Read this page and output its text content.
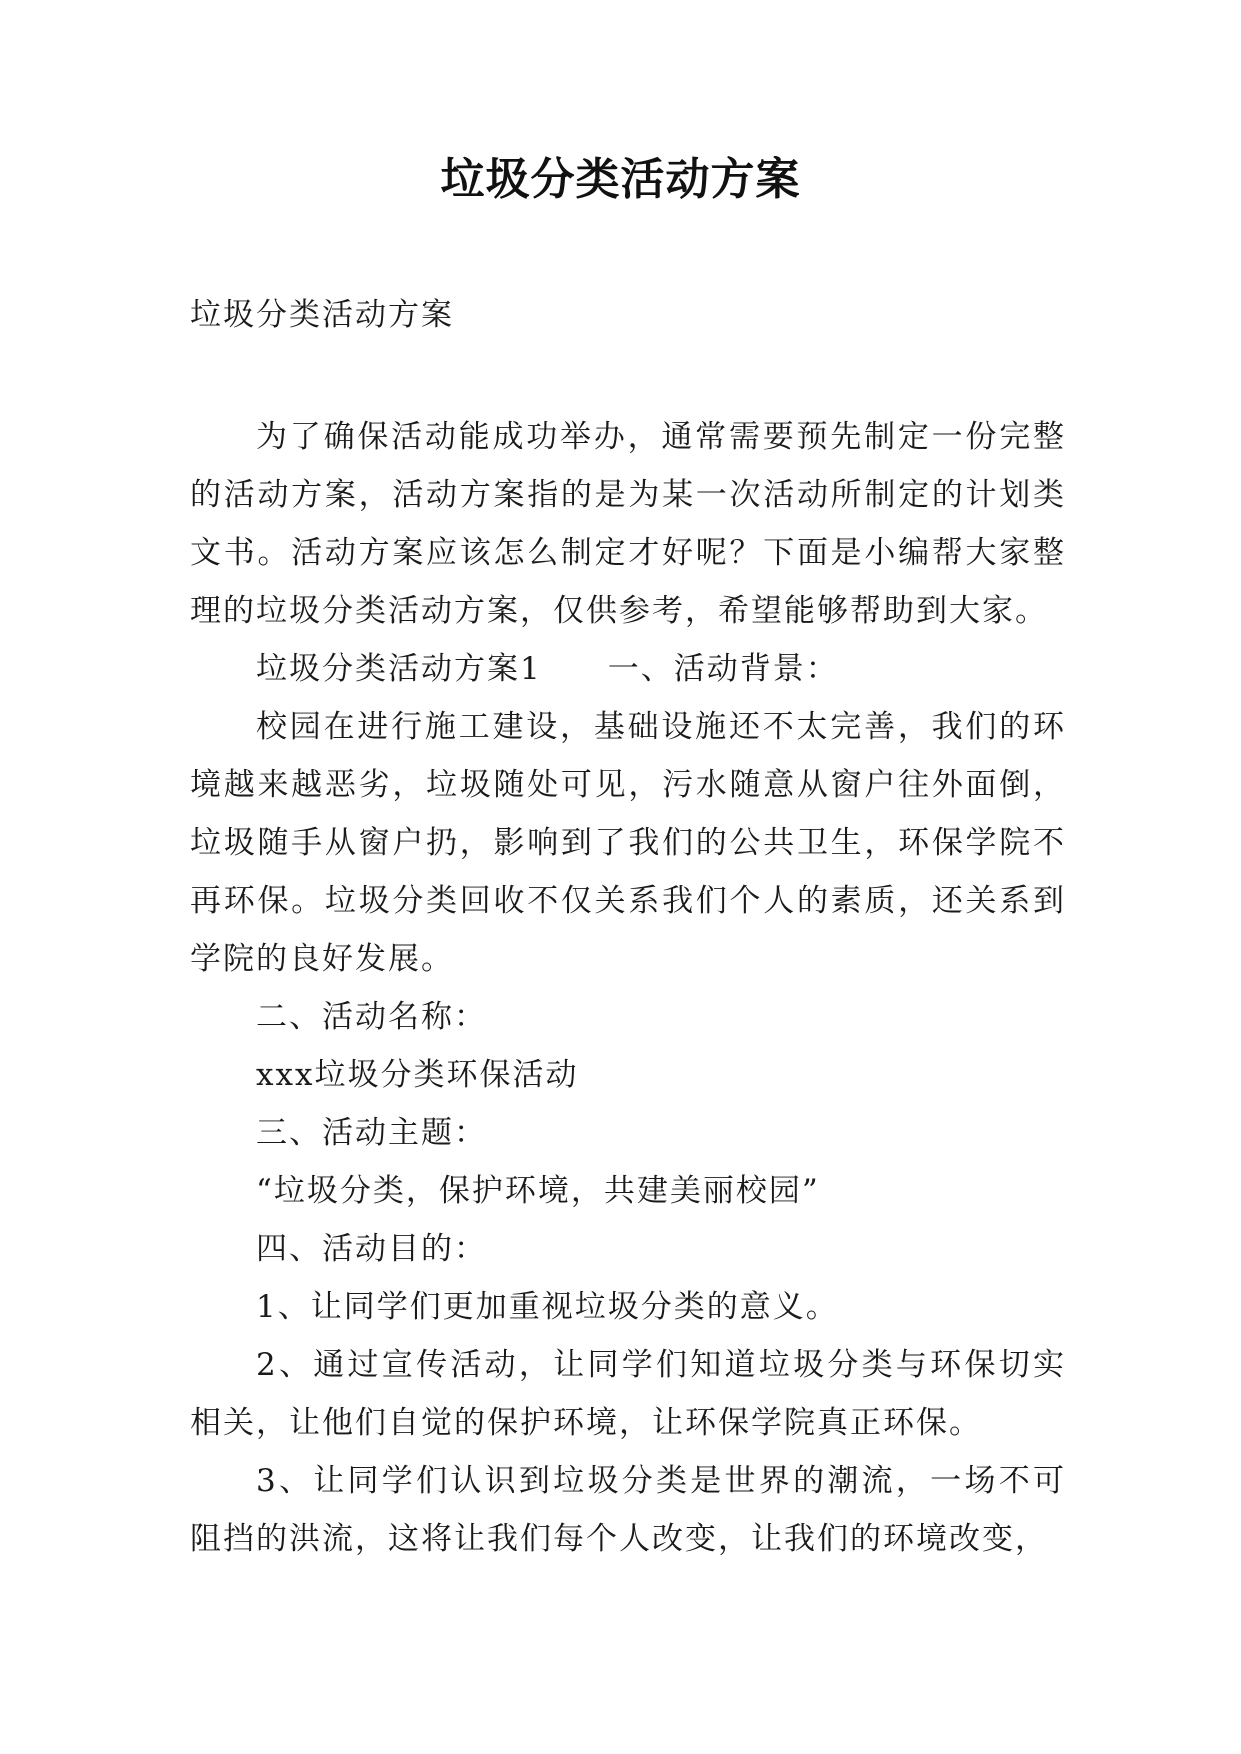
垃圾分类活动方案

垃圾分类活动方案

为了确保活动能成功举办，通常需要预先制定一份完整的活动方案，活动方案指的是为某一次活动所制定的计划类文书。活动方案应该怎么制定才好呢？下面是小编帮大家整理的垃圾分类活动方案，仅供参考，希望能够帮助到大家。

垃圾分类活动方案1　　一、活动背景：

校园在进行施工建设，基础设施还不太完善，我们的环境越来越恶劣，垃圾随处可见，污水随意从窗户往外面倒，垃圾随手从窗户扔，影响到了我们的公共卫生，环保学院不再环保。垃圾分类回收不仅关系我们个人的素质，还关系到学院的良好发展。

二、活动名称：

xxx垃圾分类环保活动

三、活动主题：

“垃圾分类，保护环境，共建美丽校园”

四、活动目的：

1、让同学们更加重视垃圾分类的意义。

2、通过宣传活动，让同学们知道垃圾分类与环保切实相关，让他们自觉的保护环境，让环保学院真正环保。

3、让同学们认识到垃圾分类是世界的潮流，一场不可阻挡的洪流，这将让我们每个人改变，让我们的环境改变，
